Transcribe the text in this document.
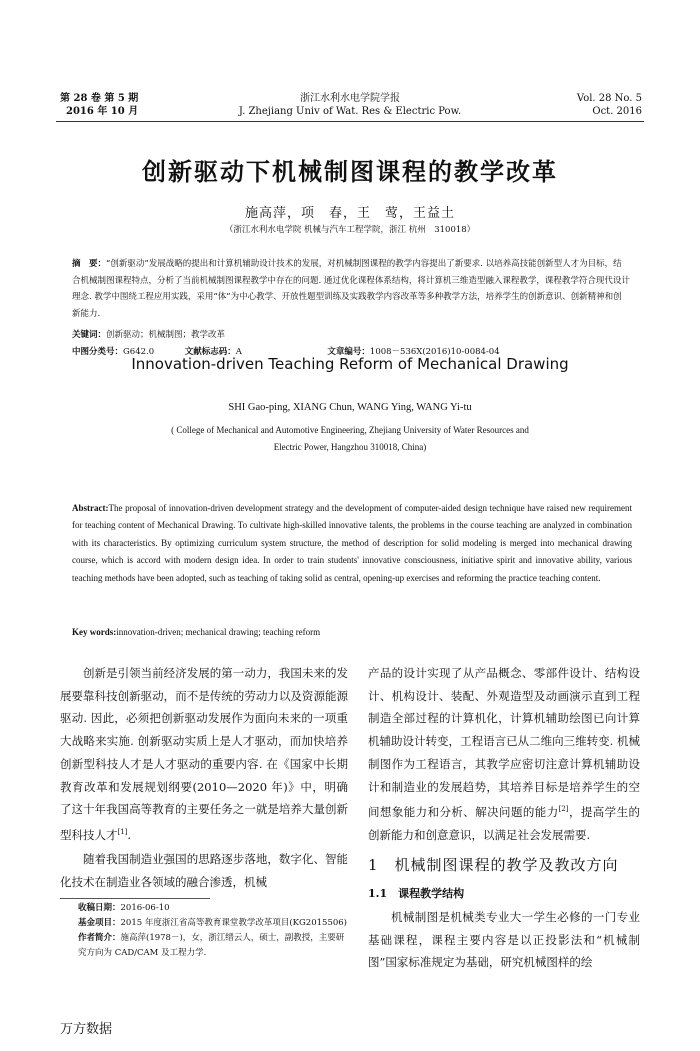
第 28 卷 第 5 期
2016 年 10 月
浙江水利水电学院学报
J. Zhejiang Univ of Wat. Res & Electric Pow.
Vol. 28 No. 5
Oct. 2016
创新驱动下机械制图课程的教学改革
施高萍，项　春，王　莺，王益土
（浙江水利水电学院 机械与汽车工程学院，浙江 杭州　310018）
摘　要：“创新驱动”发展战略的提出和计算机辅助设计技术的发展，对机械制图课程的教学内容提出了新要求. 以培养高技能创新型人才为目标，结合机械制图课程特点，分析了当前机械制图课程教学中存在的问题. 通过优化课程体系结构，将计算机三维造型融入课程教学，课程教学符合现代设计理念. 教学中围绕工程应用实践，采用“体”为中心教学、开放性题型训练及实践教学内容改革等多种教学方法，培养学生的创新意识、创新精神和创新能力.
关键词：创新驱动；机械制图；教学改革
中图分类号：G642.0	文献标志码：A	文章编号：1008－536X(2016)10-0084-04
Innovation-driven Teaching Reform of Mechanical Drawing
SHI Gao-ping, XIANG Chun, WANG Ying, WANG Yi-tu
( College of Mechanical and Automotive Engineering, Zhejiang University of Water Resources and Electric Power, Hangzhou 310018, China)
Abstract:The proposal of innovation-driven development strategy and the development of computer-aided design technique have raised new requirement for teaching content of Mechanical Drawing. To cultivate high-skilled innovative talents, the problems in the course teaching are analyzed in combination with its characteristics. By optimizing curriculum system structure, the method of description for solid modeling is merged into mechanical drawing course, which is accord with modern design idea. In order to train students' innovative consciousness, initiative spirit and innovative ability, various teaching methods have been adopted, such as teaching of taking solid as central, opening-up exercises and reforming the practice teaching content.
Key words:innovation-driven; mechanical drawing; teaching reform

创新是引领当前经济发展的第一动力，我国未来的发展要靠科技创新驱动，而不是传统的劳动力以及资源能源驱动. 因此，必须把创新驱动发展作为面向未来的一项重大战略来实施. 创新驱动实质上是人才驱动，而加快培养创新型科技人才是人才驱动的重要内容. 在《国家中长期教育改革和发展规划纲要(2010—2020 年)》中，明确了这十年我国高等教育的主要任务之一就是培养大量创新型科技人才[1].

随着我国制造业强国的思路逐步落地，数字化、智能化技术在制造业各领域的融合渗透，机械

收稿日期：2016-06-10
基金项目：2015 年度浙江省高等教育课堂教学改革项目(KG2015506)
作者简介：施高萍(1978－)，女，浙江缙云人，硕士，副教授，主要研究方向为 CAD/CAM 及工程力学.
产品的设计实现了从产品概念、零部件设计、结构设计、机构设计、装配、外观造型及动画演示直到工程制造全部过程的计算机化，计算机辅助绘图已向计算机辅助设计转变，工程语言已从二维向三维转变. 机械制图作为工程语言，其教学应密切注意计算机辅助设计和制造业的发展趋势，其培养目标是培养学生的空间想象能力和分析、解决问题的能力[2]，提高学生的创新能力和创意意识，以满足社会发展需要.
1　机械制图课程的教学及教改方向
1.1　课程教学结构

机械制图是机械类专业大一学生必修的一门专业基础课程，课程主要内容是以正投影法和“机械制图”国家标准规定为基础，研究机械图样的绘

万方数据
